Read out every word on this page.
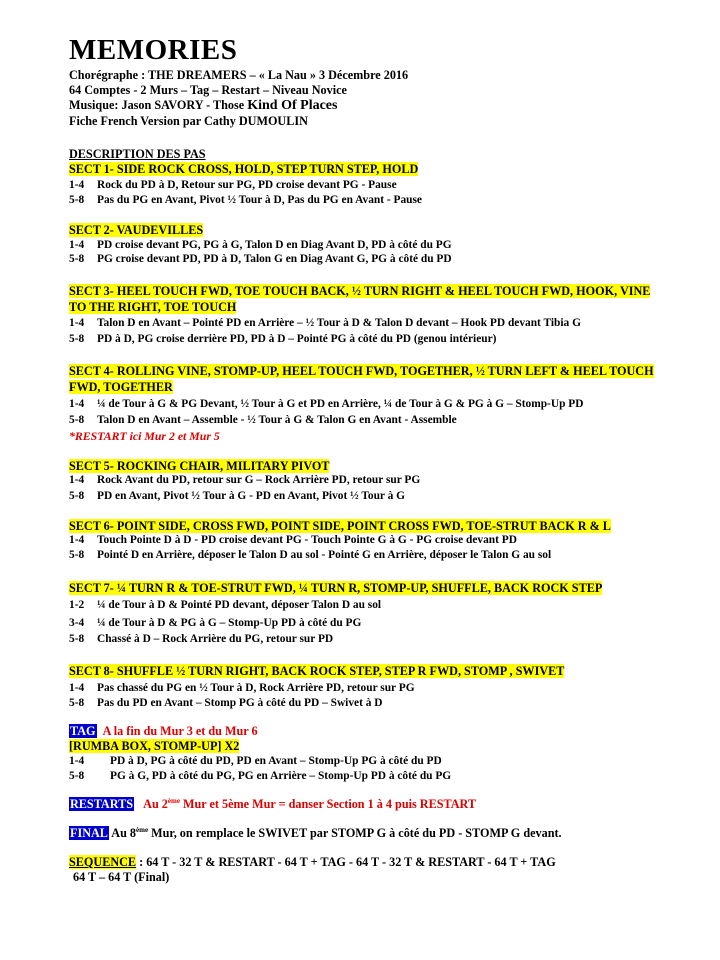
MEMORIES
Chorégraphe : THE DREAMERS – « La Nau » 3 Décembre 2016
64 Comptes - 2 Murs – Tag – Restart – Niveau Novice
Musique: Jason SAVORY - Those Kind Of Places
Fiche French Version par Cathy DUMOULIN
DESCRIPTION DES PAS
SECT 1- SIDE ROCK CROSS, HOLD, STEP TURN STEP, HOLD
1-4 Rock du PD à D, Retour sur PG, PD croise devant PG - Pause
5-8 Pas du PG en Avant, Pivot ½ Tour à D, Pas du PG en Avant - Pause
SECT 2- VAUDEVILLES
1-4 PD croise devant PG, PG à G, Talon D en Diag Avant D, PD à côté du PG
5-8 PG croise devant PD, PD à D, Talon G en Diag Avant G, PG à côté du PD
SECT 3- HEEL TOUCH FWD, TOE TOUCH BACK, ½ TURN RIGHT & HEEL TOUCH FWD, HOOK, VINE TO THE RIGHT, TOE TOUCH
1-4 Talon D en Avant – Pointé PD en Arrière – ½ Tour à D & Talon D devant – Hook PD devant Tibia G
5-8 PD à D, PG croise derrière PD, PD à D – Pointé PG à côté du PD (genou intérieur)
SECT 4- ROLLING VINE, STOMP-UP, HEEL TOUCH FWD, TOGETHER, ½ TURN LEFT & HEEL TOUCH FWD, TOGETHER
1-4 ¼ de Tour à G & PG Devant, ½ Tour à G et PD en Arrière, ¼ de Tour à G & PG à G – Stomp-Up PD
5-8 Talon D en Avant – Assemble - ½ Tour à G & Talon G en Avant - Assemble
*RESTART ici Mur 2 et Mur 5
SECT 5- ROCKING CHAIR, MILITARY PIVOT
1-4 Rock Avant du PD, retour sur G – Rock Arrière PD, retour sur PG
5-8 PD en Avant, Pivot ½ Tour à G - PD en Avant, Pivot ½ Tour à G
SECT 6- POINT SIDE, CROSS FWD, POINT SIDE, POINT CROSS FWD, TOE-STRUT BACK R & L
1-4 Touch Pointe D à D - PD croise devant PG - Touch Pointe G à G - PG croise devant PD
5-8 Pointé D en Arrière, déposer le Talon D au sol - Pointé G en Arrière, déposer le Talon G au sol
SECT 7- ¼ TURN R & TOE-STRUT FWD, ¼ TURN R, STOMP-UP, SHUFFLE, BACK ROCK STEP
1-2 ¼ de Tour à D & Pointé PD devant, déposer Talon D au sol
3-4 ¼ de Tour à D & PG à G – Stomp-Up PD à côté du PG
5-8 Chassé à D – Rock Arrière du PG, retour sur PD
SECT 8- SHUFFLE ½ TURN RIGHT, BACK ROCK STEP, STEP R FWD, STOMP , SWIVET
1-4 Pas chassé du PG en ½ Tour à D, Rock Arrière PD, retour sur PG
5-8 Pas du PD en Avant – Stomp PG à côté du PD – Swivet à D
TAG A la fin du Mur 3 et du Mur 6
[RUMBA BOX, STOMP-UP] X2
1-4 PD à D, PG à côté du PD, PD en Avant – Stomp-Up PG à côté du PD
5-8 PG à G, PD à côté du PG, PG en Arrière – Stomp-Up PD à côté du PG
RESTARTS Au 2ème Mur et 5ème Mur = danser Section 1 à 4 puis RESTART
FINAL Au 8ème Mur, on remplace le SWIVET par STOMP G à côté du PD - STOMP G devant.
SEQUENCE : 64 T - 32 T & RESTART - 64 T + TAG - 64 T - 32 T & RESTART - 64 T + TAG
64 T – 64 T (Final)
